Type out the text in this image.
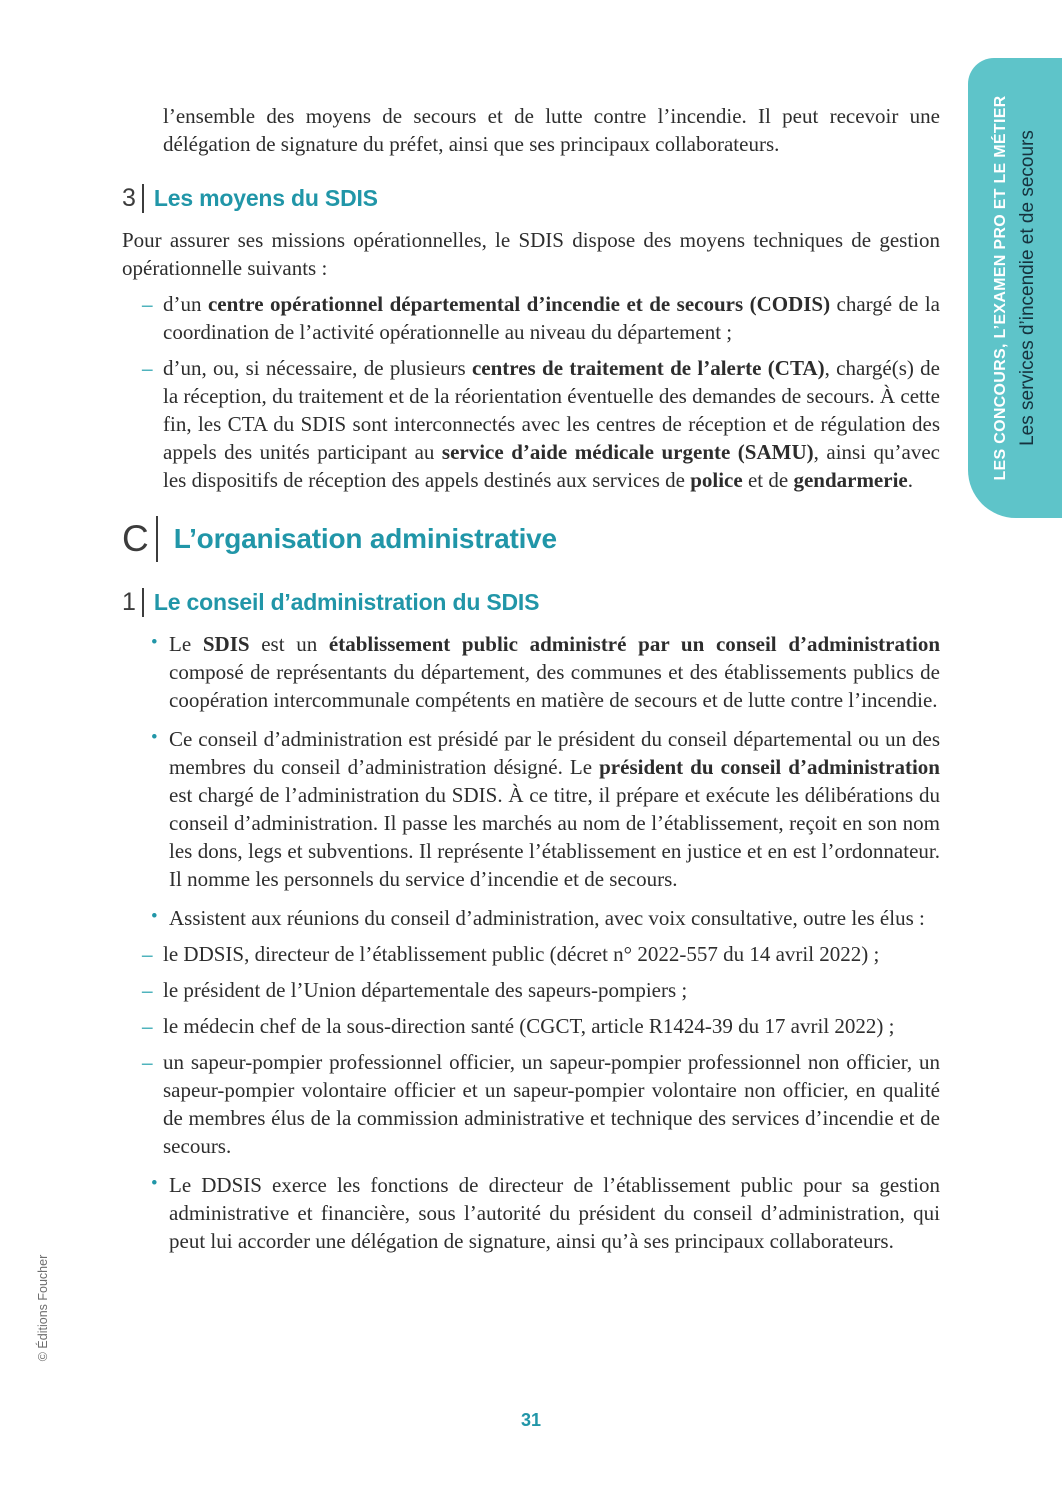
l’ensemble des moyens de secours et de lutte contre l’incendie. Il peut recevoir une délégation de signature du préfet, ainsi que ses principaux collaborateurs.

3 Les moyens du SDIS

Pour assurer ses missions opérationnelles, le SDIS dispose des moyens techniques de gestion opérationnelle suivants :

– d’un centre opérationnel départemental d’incendie et de secours (CODIS) chargé de la coordination de l’activité opérationnelle au niveau du département ;
– d’un, ou, si nécessaire, de plusieurs centres de traitement de l’alerte (CTA), chargé(s) de la réception, du traitement et de la réorientation éventuelle des demandes de secours. À cette fin, les CTA du SDIS sont interconnectés avec les centres de réception et de régulation des appels des unités participant au service d’aide médicale urgente (SAMU), ainsi qu’avec les dispositifs de réception des appels destinés aux services de police et de gendarmerie.
C L’organisation administrative
1 Le conseil d’administration du SDIS
• Le SDIS est un établissement public administré par un conseil d’administration composé de représentants du département, des communes et des établissements publics de coopération intercommunale compétents en matière de secours et de lutte contre l’incendie.
• Ce conseil d’administration est présidé par le président du conseil départemental ou un des membres du conseil d’administration désigné. Le président du conseil d’administration est chargé de l’administration du SDIS. À ce titre, il prépare et exécute les délibérations du conseil d’administration. Il passe les marchés au nom de l’établissement, reçoit en son nom les dons, legs et subventions. Il représente l’établissement en justice et en est l’ordonnateur. Il nomme les personnels du service d’incendie et de secours.
• Assistent aux réunions du conseil d’administration, avec voix consultative, outre les élus :
– le DDSIS, directeur de l’établissement public (décret n° 2022-557 du 14 avril 2022) ;
– le président de l’Union départementale des sapeurs-pompiers ;
– le médecin chef de la sous-direction santé (CGCT, article R1424-39 du 17 avril 2022) ;
– un sapeur-pompier professionnel officier, un sapeur-pompier professionnel non officier, un sapeur-pompier volontaire officier et un sapeur-pompier volontaire non officier, en qualité de membres élus de la commission administrative et technique des services d’incendie et de secours.
• Le DDSIS exerce les fonctions de directeur de l’établissement public pour sa gestion administrative et financière, sous l’autorité du président du conseil d’administration, qui peut lui accorder une délégation de signature, ainsi qu’à ses principaux collaborateurs.
LES CONCOURS, L’EXAMEN PRO ET LE MÉTIER Les services d’incendie et de secours
31
© Éditions Foucher
